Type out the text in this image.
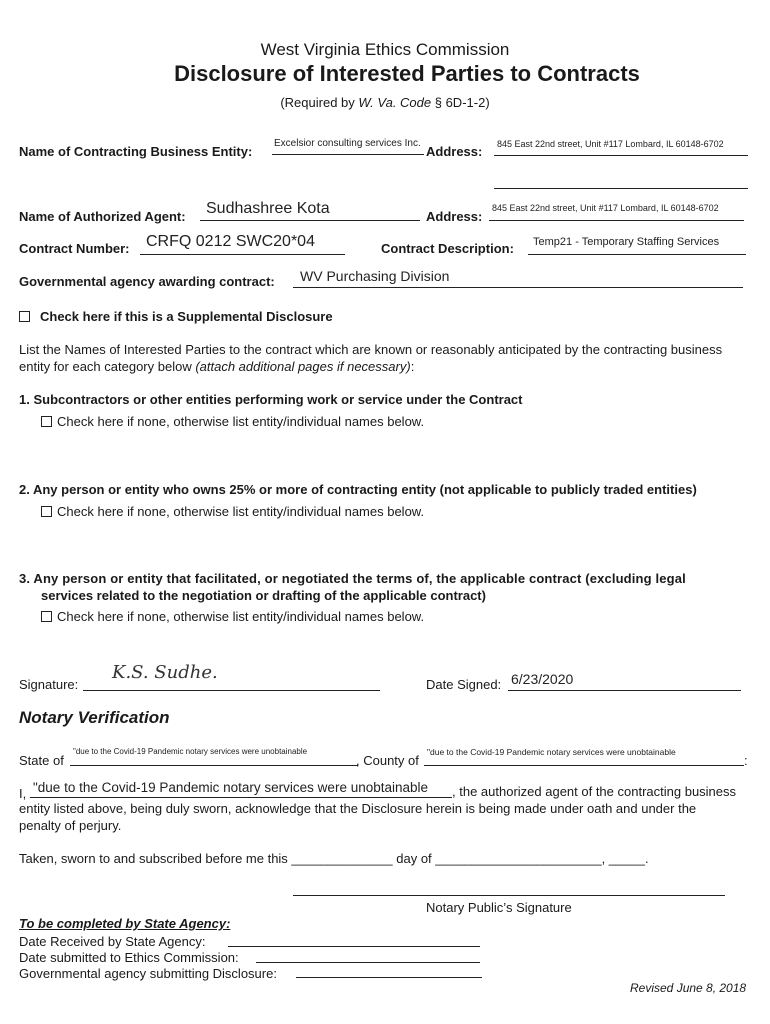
West Virginia Ethics Commission
Disclosure of Interested Parties to Contracts
(Required by W. Va. Code § 6D-1-2)
Name of Contracting Business Entity:
Excelsior consulting services Inc.
Address: 845 East 22nd street, Unit #117 Lombard, IL 60148-6702
Name of Authorized Agent: Sudhashree Kota	Address:
845 East 22nd street, Unit #117 Lombard, IL 60148-6702
Contract Number: CRFQ 0212 SWC20*04	Contract Description: Temp21 - Temporary Staffing Services
Governmental agency awarding contract: WV Purchasing Division
Check here if this is a Supplemental Disclosure
List the Names of Interested Parties to the contract which are known or reasonably anticipated by the contracting business
entity for each category below (attach additional pages if necessary):
1. Subcontractors or other entities performing work or service under the Contract
Check here if none, otherwise list entity/individual names below.
2. Any person or entity who owns 25% or more of contracting entity (not applicable to publicly traded entities)
Check here if none, otherwise list entity/individual names below.
3. Any person or entity that facilitated, or negotiated the terms of, the applicable contract (excluding legal
services related to the negotiation or drafting of the applicable contract)
Check here if none, otherwise list entity/individual names below.
Signature:
K.S. Sudhe.
Date Signed: 6/23/2020
Notary Verification
State of
"due to the Covid-19 Pandemic notary services were unobtainable
, County of
"due to the Covid-19 Pandemic notary services were unobtainable
:
I, "due to the Covid-19 Pandemic notary services were unobtainable , the authorized agent of the contracting business
entity listed above, being duly sworn, acknowledge that the Disclosure herein is being made under oath and under the
penalty of perjury.
Taken, sworn to and subscribed before me this ______________ day of _______________________, _____.
Notary Public’s Signature
To be completed by State Agency:
Date Received by State Agency:
Date submitted to Ethics Commission:
Governmental agency submitting Disclosure:
Revised June 8, 2018
